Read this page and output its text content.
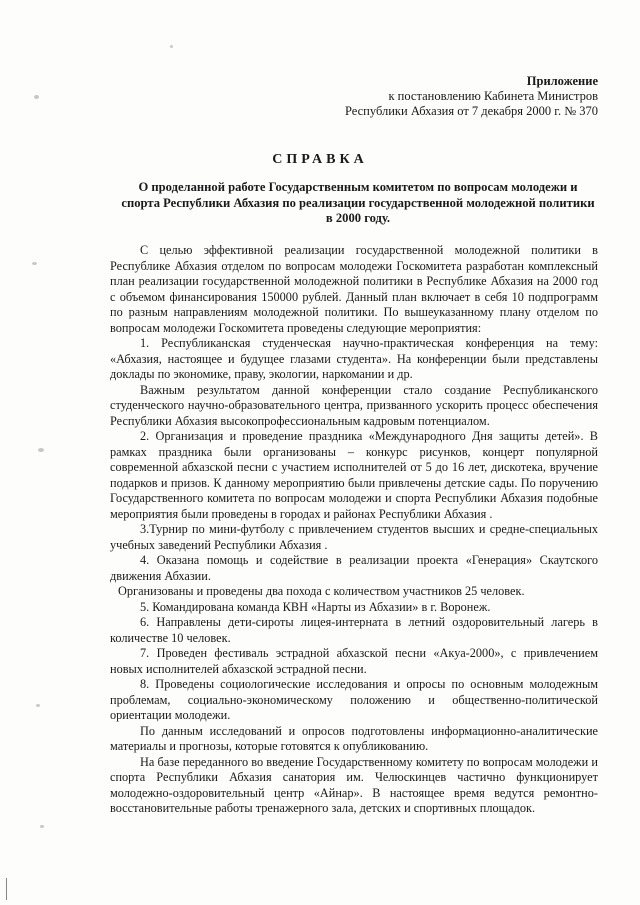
Приложение
к постановлению Кабинета Министров
Республики Абхазия от 7 декабря 2000 г. № 370
СПРАВКА
О проделанной работе Государственным комитетом по вопросам молодежи и спорта Республики Абхазия по реализации государственной молодежной политики в 2000 году.

С целью эффективной реализации государственной молодежной политики в Республике Абхазия отделом по вопросам молодежи Госкомитета разработан комплексный план реализации государственной молодежной политики в Республике Абхазия на 2000 год с объемом финансирования 150000 рублей. Данный план включает в себя 10 подпрограмм по разным направлениям молодежной политики. По вышеуказанному плану отделом по вопросам молодежи Госкомитета проведены следующие мероприятия:

1. Республиканская студенческая научно-практическая конференция на тему: «Абхазия, настоящее и будущее глазами студента». На конференции были представлены доклады по экономике, праву, экологии, наркомании и др.

Важным результатом данной конференции стало создание Республиканского студенческого научно-образовательного центра, призванного ускорить процесс обеспечения Республики Абхазия высокопрофессиональным кадровым потенциалом.

2. Организация и проведение праздника «Международного Дня защиты детей». В рамках праздника были организованы – конкурс рисунков, концерт популярной современной абхазской песни с участием исполнителей от 5 до 16 лет, дискотека, вручение подарков и призов. К данному мероприятию были привлечены детские сады. По поручению Государственного комитета по вопросам молодежи и спорта Республики Абхазия подобные мероприятия были проведены в городах и районах Республики Абхазия .

3.Турнир по мини-футболу с привлечением студентов высших и средне-специальных учебных заведений Республики Абхазия .

4. Оказана помощь и содействие в реализации проекта «Генерация» Скаутского движения Абхазии.

Организованы и проведены два похода с количеством участников 25 человек.

5. Командирована команда КВН «Нарты из Абхазии» в г. Воронеж.

6. Направлены дети-сироты лицея-интерната в летний оздоровительный лагерь в количестве 10 человек.

7. Проведен фестиваль эстрадной абхазской песни «Акуа-2000», с привлечением новых исполнителей абхазской эстрадной песни.

8. Проведены социологические исследования и опросы по основным молодежным проблемам, социально-экономическому положению и общественно-политической ориентации молодежи.

По данным исследований и опросов подготовлены информационно-аналитические материалы и прогнозы, которые готовятся к опубликованию.

На базе переданного во введение Государственному комитету по вопросам молодежи и спорта Республики Абхазия санатория им. Челюскинцев частично функционирует молодежно-оздоровительный центр «Айнар». В настоящее время ведутся ремонтно-восстановительные работы тренажерного зала, детских и спортивных площадок.
